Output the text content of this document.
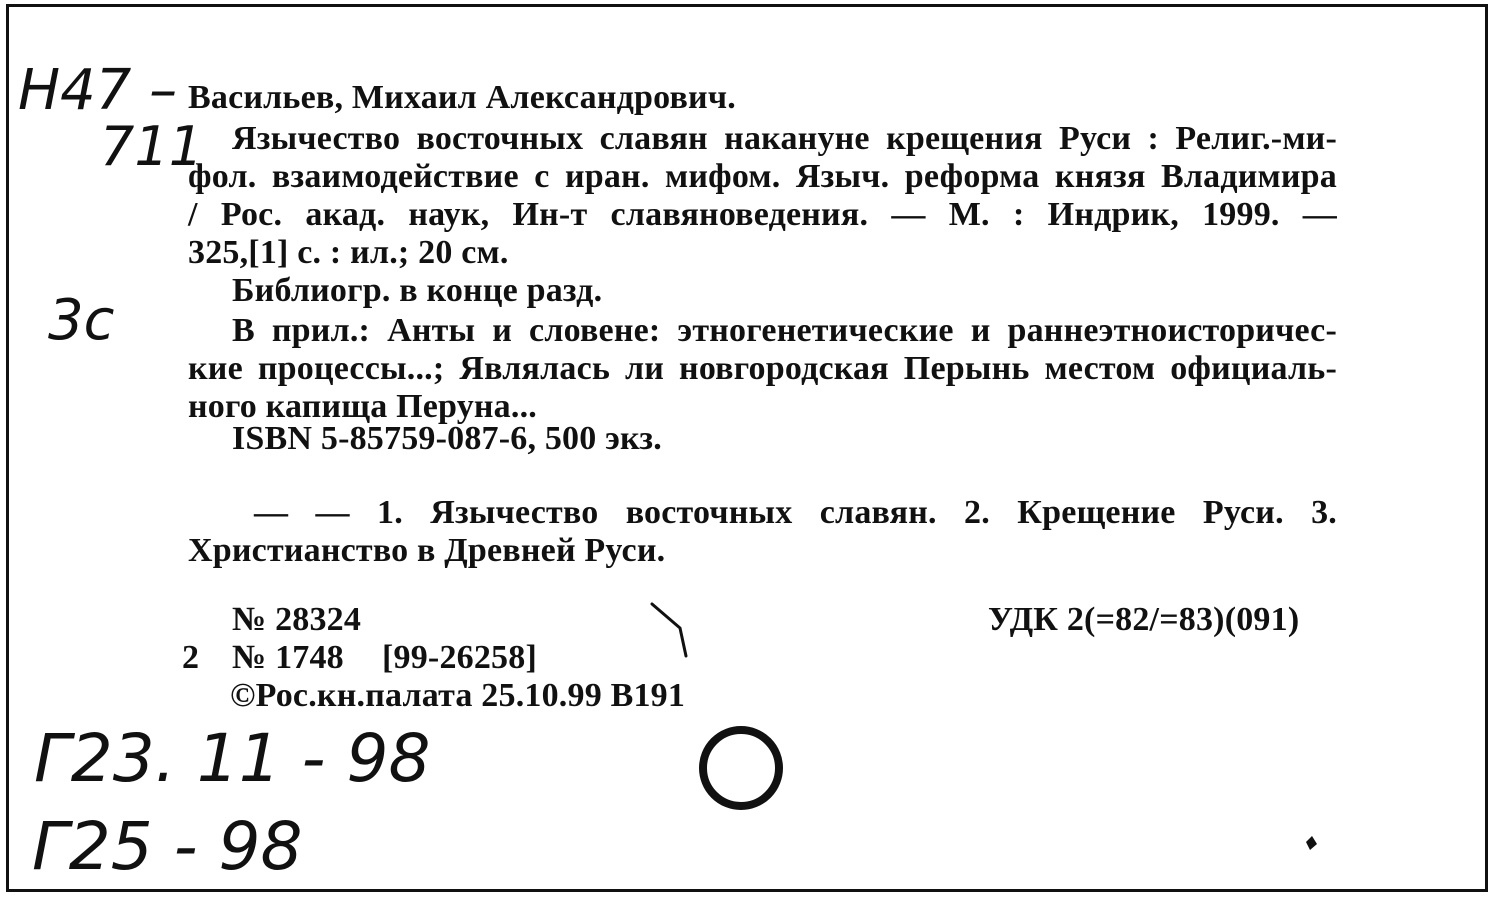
Н47 –
711
3с
Васильев, Михаил Александрович.
Язычество восточных славян накануне крещения Руси : Религ.-ми-
фол. взаимодействие с иран. мифом. Языч. реформа князя Владимира
/ Рос. акад. наук, Ин-т славяноведения. — М. : Индрик, 1999. —
325,[1] с. : ил.; 20 см.
Библиогр. в конце разд.
В прил.: Анты и словене: этногенетические и раннеэтноисторичес-
кие процессы...; Являлась ли новгородская Перынь местом официаль-
ного капища Перуна...
ISBN 5-85759-087-6, 500 экз.
— — 1. Язычество восточных славян. 2. Крещение Руси. 3.
Христианство в Древней Руси.
№ 28324
2 № 1748 [99-26258]
©Рос.кн.палата 25.10.99 В191
УДК 2(=82/=83)(091)
Г23. 11 - 98
Г25 - 98
